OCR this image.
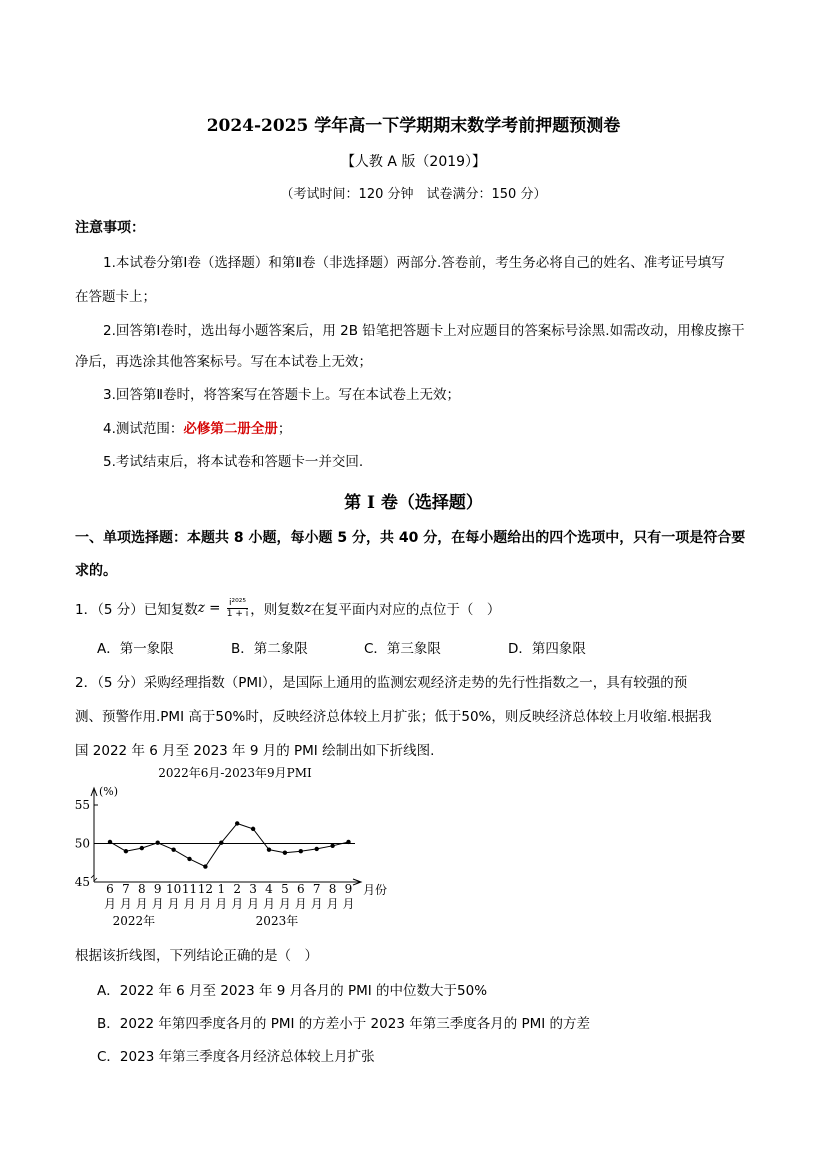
2024-2025 学年高一下学期期末数学考前押题预测卷
【人教 A 版（2019）】
（考试时间：120 分钟　试卷满分：150 分）
注意事项：
1.本试卷分第Ⅰ卷（选择题）和第Ⅱ卷（非选择题）两部分.答卷前，考生务必将自己的姓名、准考证号填写
在答题卡上；
2.回答第Ⅰ卷时，选出每小题答案后，用 2B 铅笔把答题卡上对应题目的答案标号涂黑.如需改动，用橡皮擦干
净后，再选涂其他答案标号。写在本试卷上无效；
3.回答第Ⅱ卷时，将答案写在答题卡上。写在本试卷上无效；
4.测试范围：必修第二册全册；
5.考试结束后，将本试卷和答题卡一并交回.
第 I 卷（选择题）
一、单项选择题：本题共 8 小题，每小题 5 分，共 40 分，在每小题给出的四个选项中，只有一项是符合要
求的。
1．（5 分）已知复数 $z = \frac{\text{i²⁰²⁵}}{1 + i}$ ，则复数 z 在复平面内对应的点位于（　）
A．第一象限	B．第二象限	C．第三象限	D．第四象限
2．（5 分）采购经理指数（PMI），是国际上通用的监测宏观经济走势的先行性指数之一，具有较强的预
测、预警作用.PMI 高于50%时，反映经济总体较上月扩张；低于50%，则反映经济总体较上月收缩.根据我
国 2022 年 6 月至 2023 年 9 月的 PMI 绘制出如下折线图.
2022年6月-2023年9月PMI
(%)
45
50
55
6
月
7
月
8
月
9
月
10
月
11
月
12
月
1
月
2
月
3
月
4
月
5
月
6
月
7
月
8
月
9
月
月份
2022年	2023年
根据该折线图，下列结论正确的是（　）
A．2022 年 6 月至 2023 年 9 月各月的 PMI 的中位数大于50%
B．2022 年第四季度各月的 PMI 的方差小于 2023 年第三季度各月的 PMI 的方差
C．2023 年第三季度各月经济总体较上月扩张
